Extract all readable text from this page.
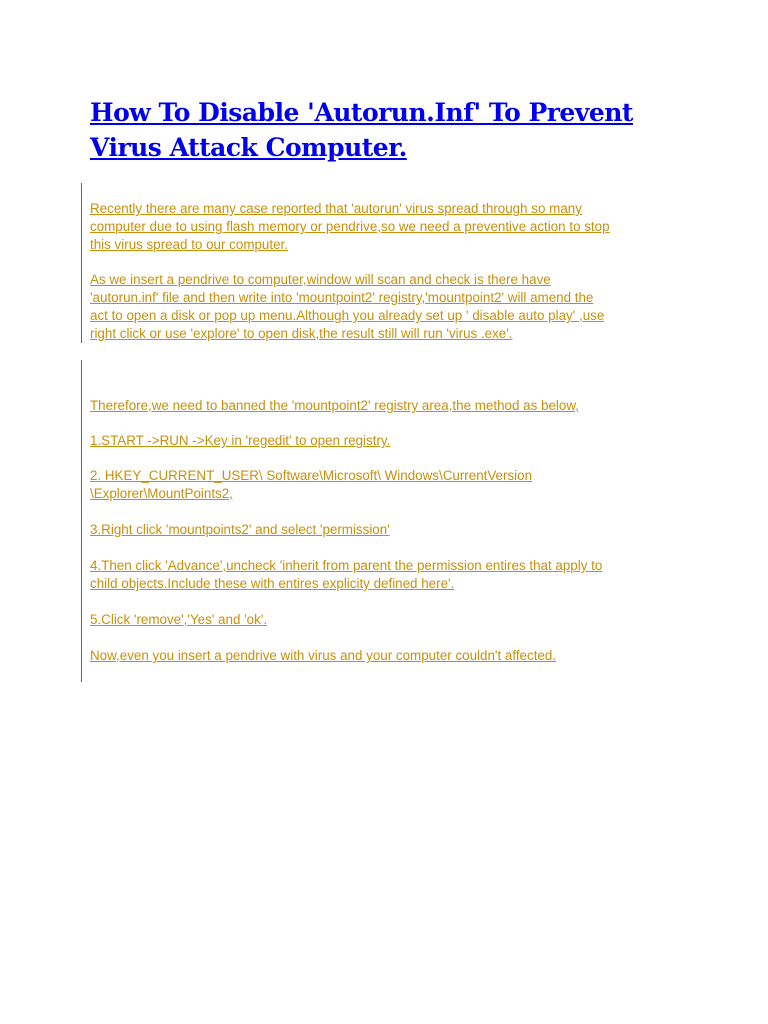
How To Disable 'Autorun.Inf' To Prevent
Virus Attack Computer.

Recently there are many case reported that 'autorun' virus spread through so many
computer due to using flash memory or pendrive,so we need a preventive action to stop
this virus spread to our computer.

As we insert a pendrive to computer,window will scan and check is there have
'autorun.inf' file and then write into 'mountpoint2' registry,'mountpoint2' will amend the
act to open a disk or pop up menu.Although you already set up ' disable auto play' ,use
right click or use 'explore' to open disk,the result still will run 'virus .exe'.

Therefore,we need to banned the 'mountpoint2' registry area,the method as below,

1.START ->RUN ->Key in 'regedit' to open registry.

2. HKEY_CURRENT_USER\ Software\Microsoft\ Windows\CurrentVersion
\Explorer\MountPoints2,

3.Right click 'mountpoints2' and select 'permission'

4.Then click 'Advance',uncheck 'inherit from parent the permission entires that apply to
child objects.Include these with entires explicity defined here'.

5.Click 'remove','Yes' and 'ok'.

Now,even you insert a pendrive with virus and your computer couldn't affected.
